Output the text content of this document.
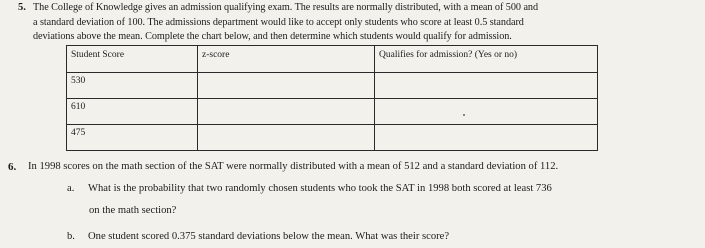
5. The College of Knowledge gives an admission qualifying exam. The results are normally distributed, with a mean of 500 and
a standard deviation of 100. The admissions department would like to accept only students who score at least 0.5 standard
deviations above the mean. Complete the chart below, and then determine which students would qualify for admission.
Student Score	z-score	Qualifies for admission? (Yes or no)
530		
610		
475		
6. In 1998 scores on the math section of the SAT were normally distributed with a mean of 512 and a standard deviation of 112.
a. What is the probability that two randomly chosen students who took the SAT in 1998 both scored at least 736
on the math section?
b. One student scored 0.375 standard deviations below the mean. What was their score?
